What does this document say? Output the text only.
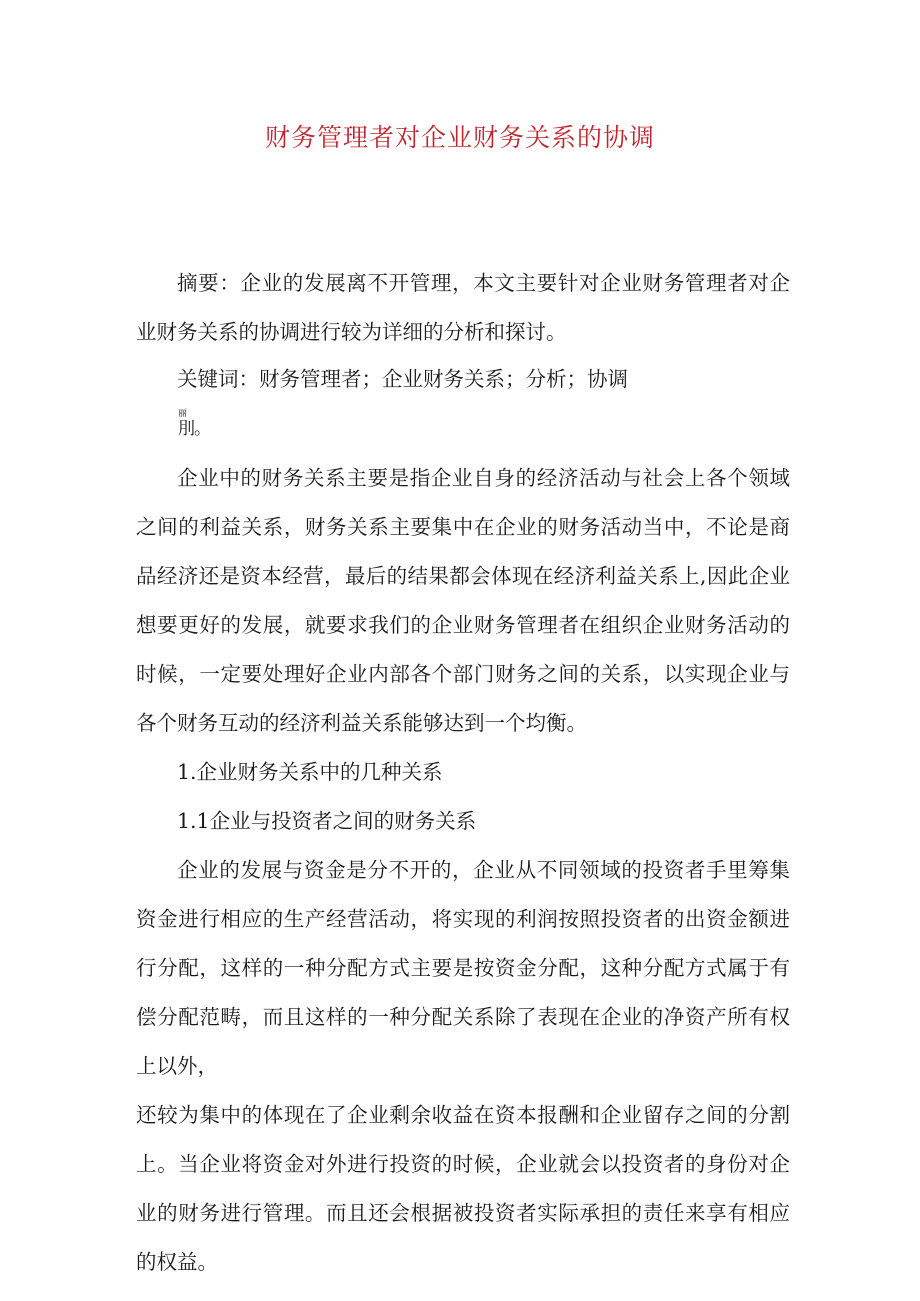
财务管理者对企业财务关系的协调

摘要：企业的发展离不开管理，本文主要针对企业财务管理者对企业财务关系的协调进行较为详细的分析和探讨。

关键词：财务管理者；企业财务关系；分析；协调

丽
刖。

企业中的财务关系主要是指企业自身的经济活动与社会上各个领域之间的利益关系，财务关系主要集中在企业的财务活动当中，不论是商品经济还是资本经营，最后的结果都会体现在经济利益关系上,因此企业想要更好的发展，就要求我们的企业财务管理者在组织企业财务活动的时候，一定要处理好企业内部各个部门财务之间的关系，以实现企业与各个财务互动的经济利益关系能够达到一个均衡。

1.企业财务关系中的几种关系

1.1企业与投资者之间的财务关系

企业的发展与资金是分不开的，企业从不同领域的投资者手里筹集资金进行相应的生产经营活动，将实现的利润按照投资者的出资金额进行分配，这样的一种分配方式主要是按资金分配，这种分配方式属于有偿分配范畴，而且这样的一种分配关系除了表现在企业的净资产所有权上以外，

还较为集中的体现在了企业剩余收益在资本报酬和企业留存之间的分割上。当企业将资金对外进行投资的时候，企业就会以投资者的身份对企业的财务进行管理。而且还会根据被投资者实际承担的责任来享有相应的权益。
